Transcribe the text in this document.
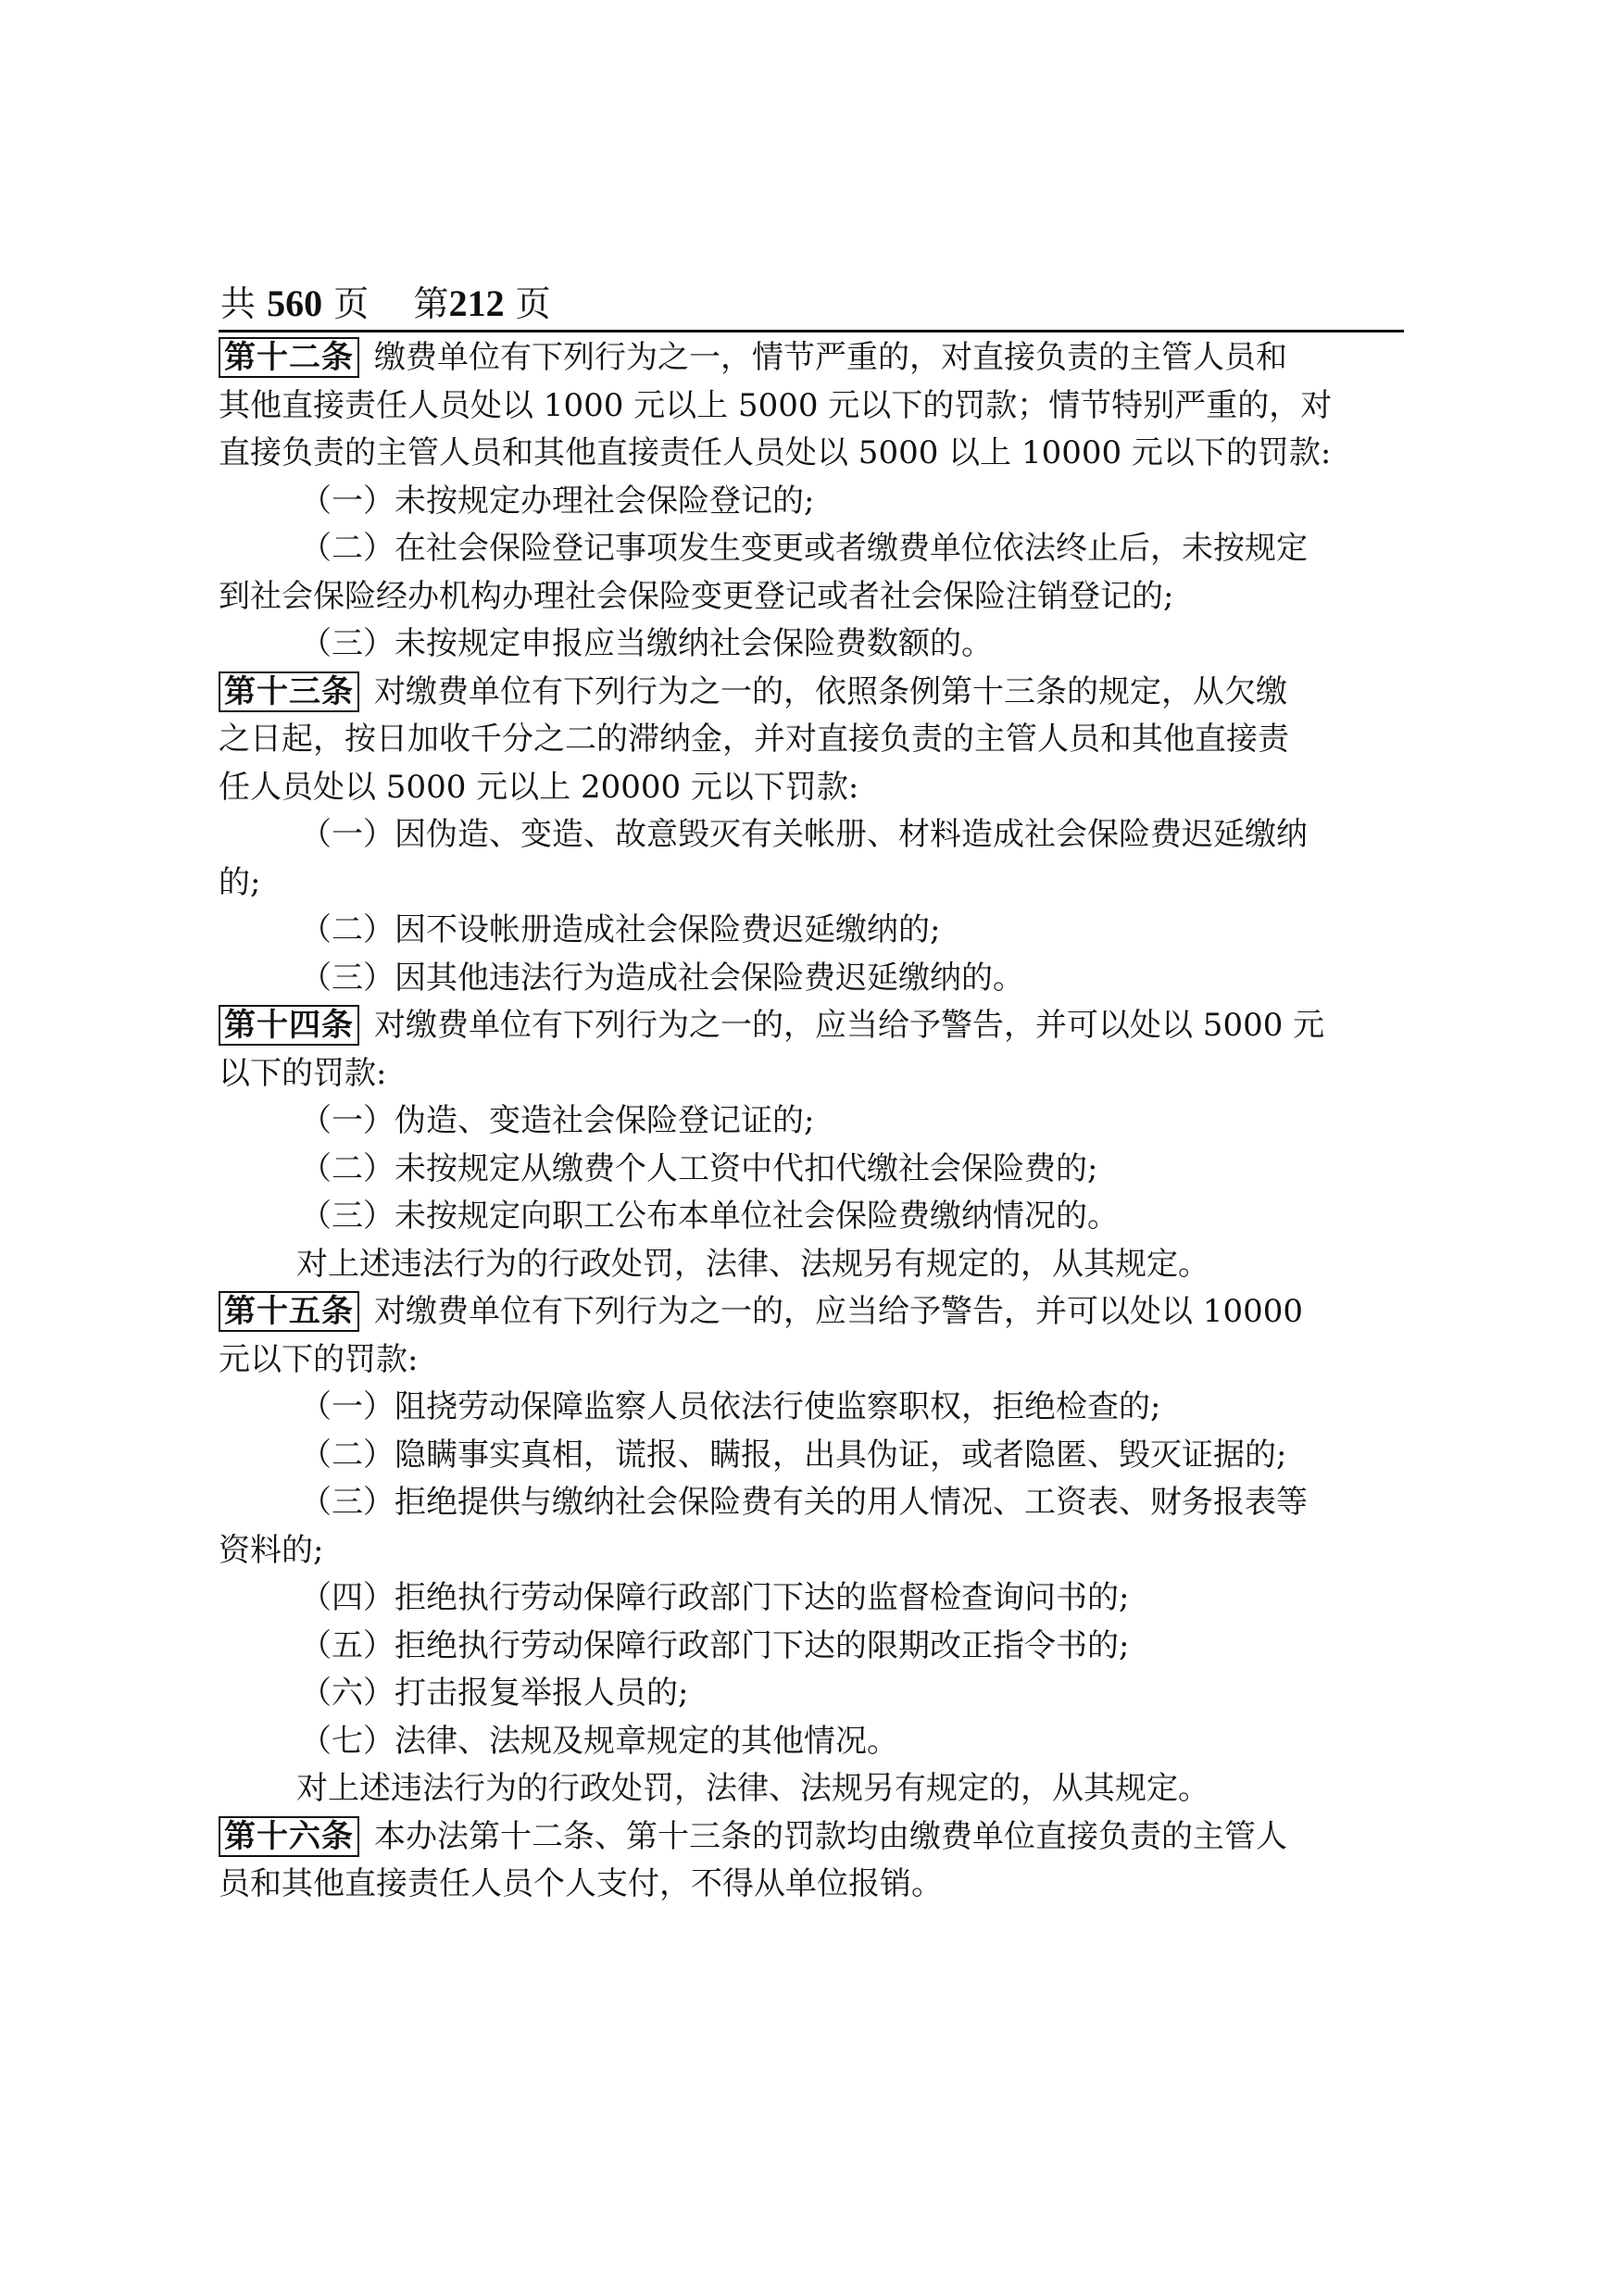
共 560 页 第212 页
第十二条 缴费单位有下列行为之一，情节严重的，对直接负责的主管人员和
其他直接责任人员处以 1000 元以上 5000 元以下的罚款；情节特别严重的，对
直接负责的主管人员和其他直接责任人员处以 5000 以上 10000 元以下的罚款:
（一）未按规定办理社会保险登记的;
（二）在社会保险登记事项发生变更或者缴费单位依法终止后，未按规定
到社会保险经办机构办理社会保险变更登记或者社会保险注销登记的;
（三）未按规定申报应当缴纳社会保险费数额的。
第十三条 对缴费单位有下列行为之一的，依照条例第十三条的规定，从欠缴
之日起，按日加收千分之二的滞纳金，并对直接负责的主管人员和其他直接责
任人员处以 5000 元以上 20000 元以下罚款:
（一）因伪造、变造、故意毁灭有关帐册、材料造成社会保险费迟延缴纳
的;
（二）因不设帐册造成社会保险费迟延缴纳的;
（三）因其他违法行为造成社会保险费迟延缴纳的。
第十四条 对缴费单位有下列行为之一的，应当给予警告，并可以处以 5000 元
以下的罚款:
（一）伪造、变造社会保险登记证的;
（二）未按规定从缴费个人工资中代扣代缴社会保险费的;
（三）未按规定向职工公布本单位社会保险费缴纳情况的。
对上述违法行为的行政处罚，法律、法规另有规定的，从其规定。
第十五条 对缴费单位有下列行为之一的，应当给予警告，并可以处以 10000
元以下的罚款:
（一）阻挠劳动保障监察人员依法行使监察职权，拒绝检查的;
（二）隐瞒事实真相，谎报、瞒报，出具伪证，或者隐匿、毁灭证据的;
（三）拒绝提供与缴纳社会保险费有关的用人情况、工资表、财务报表等
资料的;
（四）拒绝执行劳动保障行政部门下达的监督检查询问书的;
（五）拒绝执行劳动保障行政部门下达的限期改正指令书的;
（六）打击报复举报人员的;
（七）法律、法规及规章规定的其他情况。
对上述违法行为的行政处罚，法律、法规另有规定的，从其规定。
第十六条 本办法第十二条、第十三条的罚款均由缴费单位直接负责的主管人
员和其他直接责任人员个人支付，不得从单位报销。
